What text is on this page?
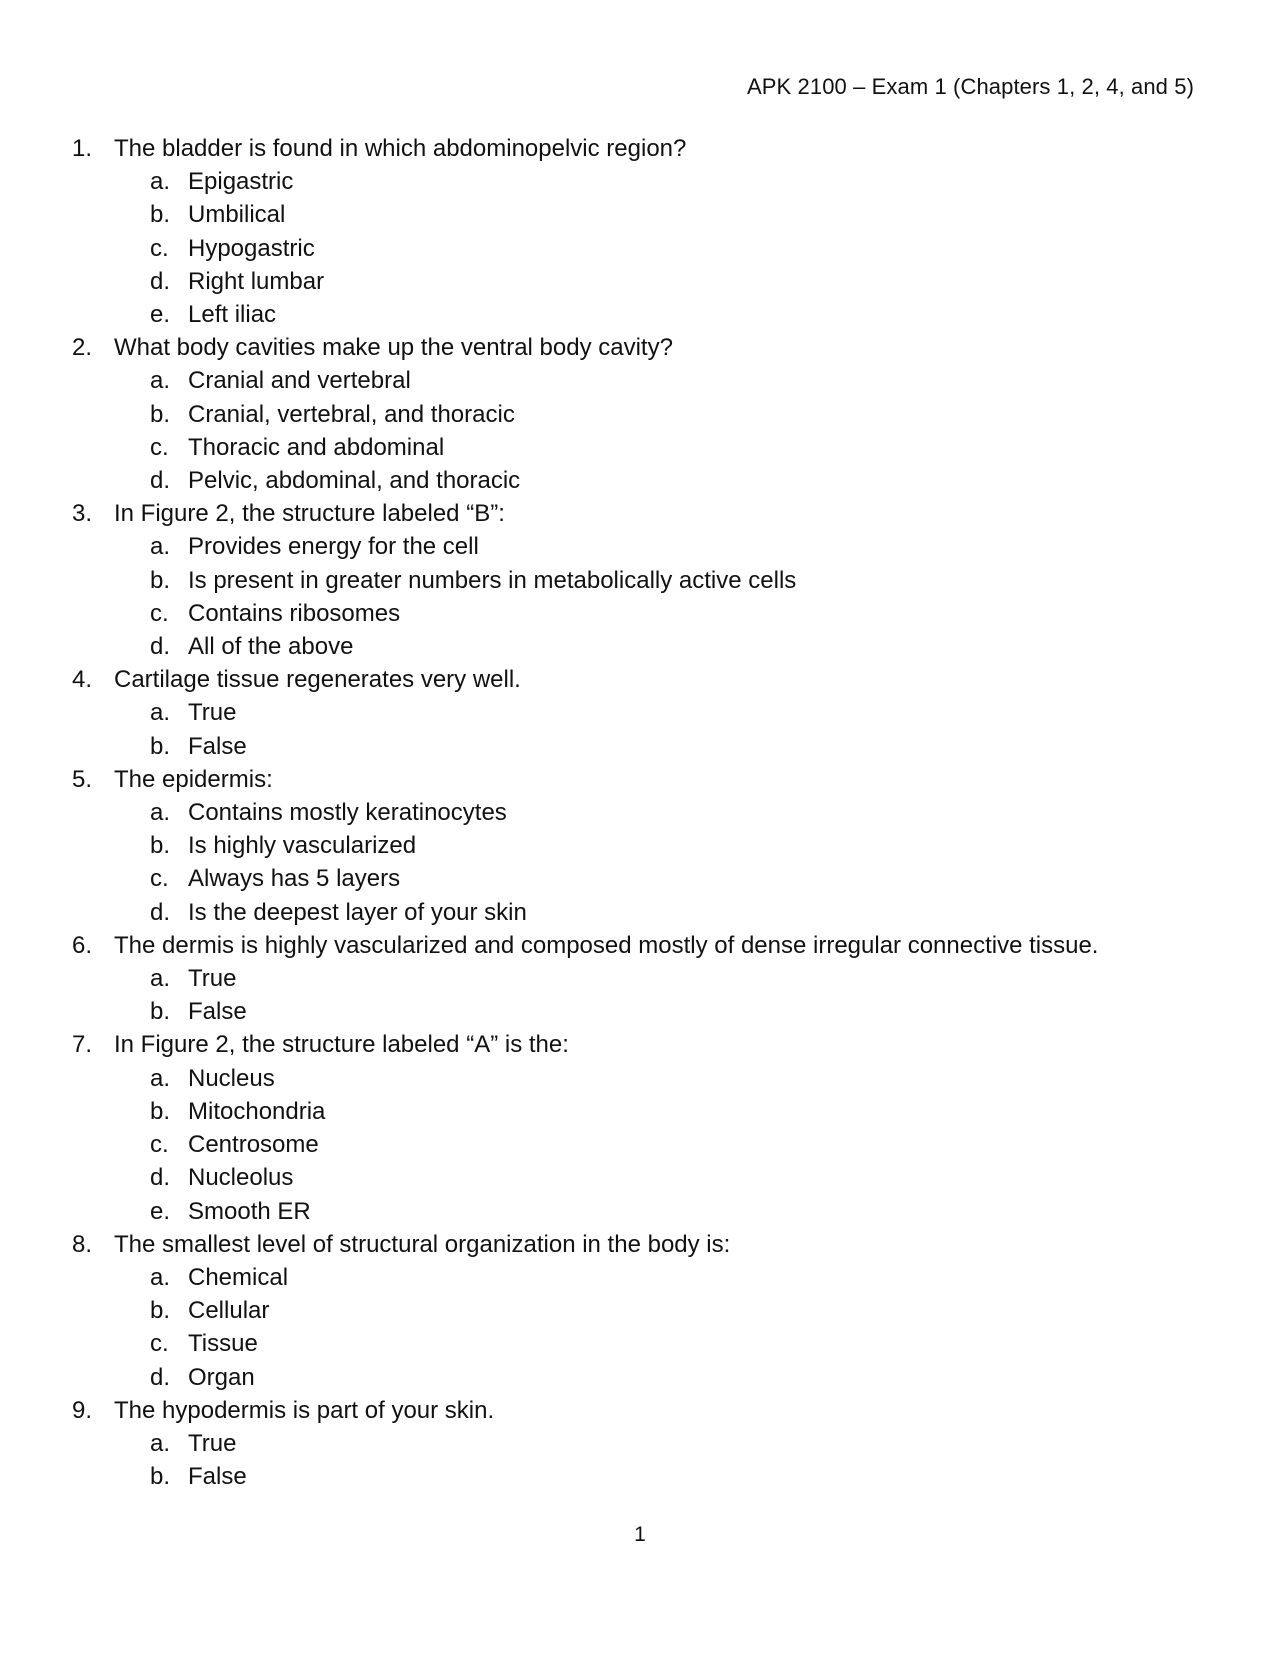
APK 2100 – Exam 1 (Chapters 1, 2, 4, and 5)
1. The bladder is found in which abdominopelvic region?
a. Epigastric
b. Umbilical
c. Hypogastric
d. Right lumbar
e. Left iliac
2. What body cavities make up the ventral body cavity?
a. Cranial and vertebral
b. Cranial, vertebral, and thoracic
c. Thoracic and abdominal
d. Pelvic, abdominal, and thoracic
3. In Figure 2, the structure labeled “B”:
a. Provides energy for the cell
b. Is present in greater numbers in metabolically active cells
c. Contains ribosomes
d. All of the above
4. Cartilage tissue regenerates very well.
a. True
b. False
5. The epidermis:
a. Contains mostly keratinocytes
b. Is highly vascularized
c. Always has 5 layers
d. Is the deepest layer of your skin
6. The dermis is highly vascularized and composed mostly of dense irregular connective tissue.
a. True
b. False
7. In Figure 2, the structure labeled “A” is the:
a. Nucleus
b. Mitochondria
c. Centrosome
d. Nucleolus
e. Smooth ER
8. The smallest level of structural organization in the body is:
a. Chemical
b. Cellular
c. Tissue
d. Organ
9. The hypodermis is part of your skin.
a. True
b. False
1
